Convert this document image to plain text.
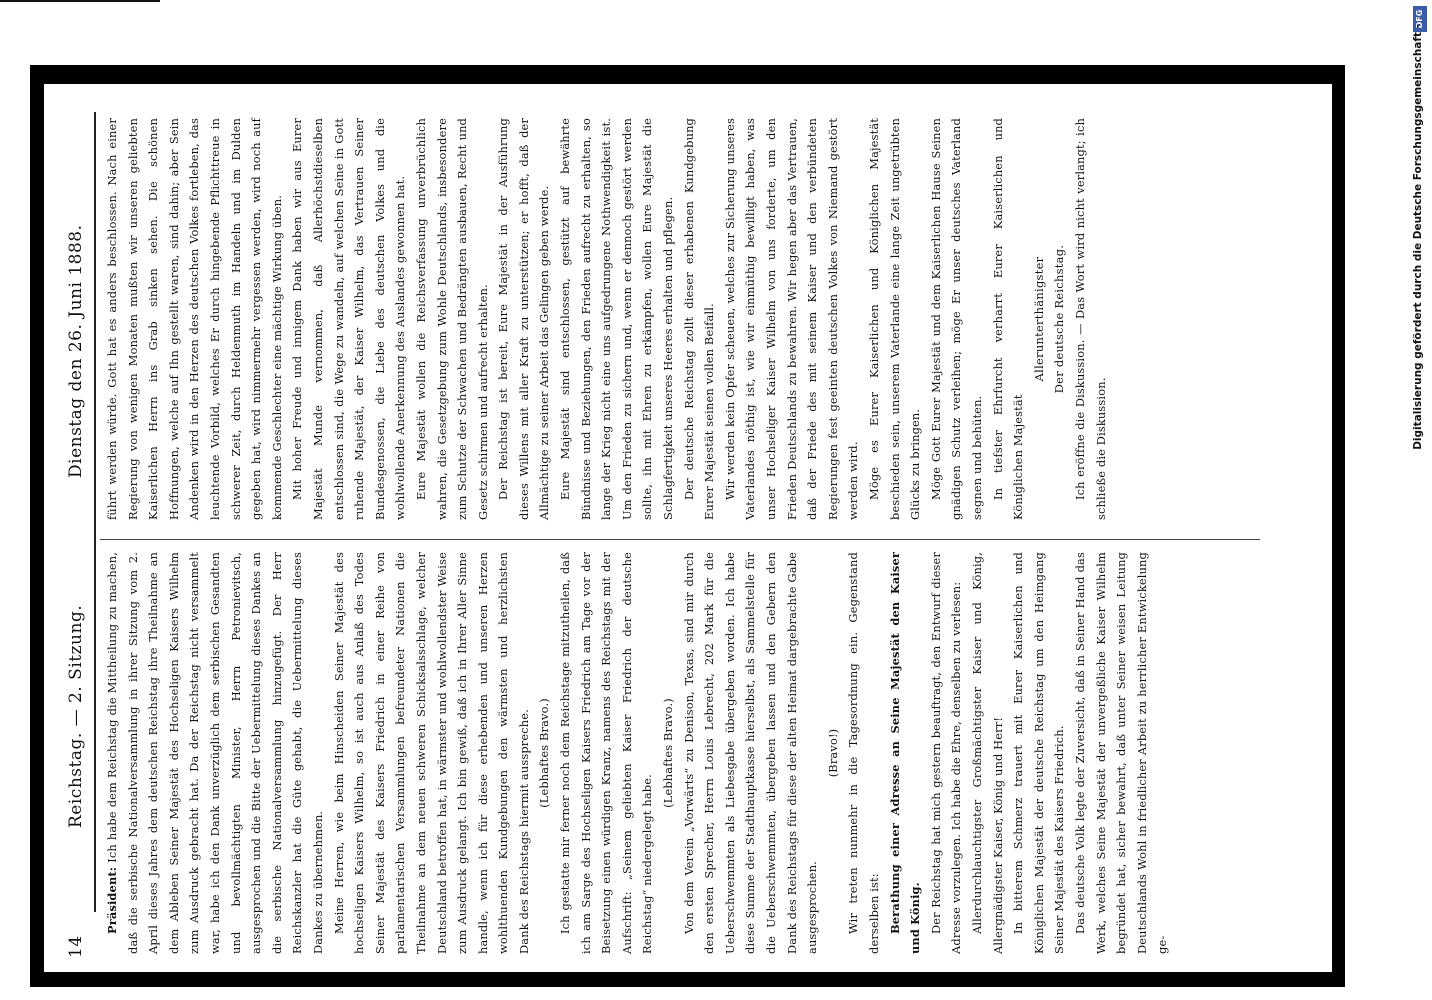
14
Reichstag. — 2. Sitzung.
Dienstag den 26. Juni 1888.

Präsident: Ich habe dem Reichstag die Mittheilung zu machen, daß die serbische Nationalversammlung in ihrer Sitzung vom 2. April dieses Jahres dem deutschen Reichstag ihre Theilnahme an dem Ableben Seiner Majestät des Hochseligen Kaisers Wilhelm zum Ausdruck gebracht hat. Da der Reichstag nicht versammelt war, habe ich den Dank unverzüglich dem serbischen Gesandten und bevollmächtigten Minister, Herrn Petronievitsch, ausgesprochen und die Bitte der Uebermittelung dieses Dankes an die serbische Nationalversammlung hinzugefügt. Der Herr Reichskanzler hat die Güte gehabt, die Uebermittelung dieses Dankes zu übernehmen. Meine Herren, wie beim Hinscheiden Seiner Majestät des hochseligen Kaisers Wilhelm, so ist auch aus Anlaß des Todes Seiner Majestät des Kaisers Friedrich in einer Reihe von parlamentarischen Versammlungen befreundeter Nationen die Theilnahme an dem neuen schweren Schicksalsschlage, welcher Deutschland betroffen hat, in wärmster und wohlwollendster Weise zum Ausdruck gelangt. Ich bin gewiß, daß ich in Ihrer Aller Sinne handle, wenn ich für diese erhebenden und unseren Herzen wohlthuenden Kundgebungen den wärmsten und herzlichsten Dank des Reichstags hiermit ausspreche. (Lebhaftes Bravo.) Ich gestatte mir ferner noch dem Reichstage mitzutheilen, daß ich am Sarge des Hochseligen Kaisers Friedrich am Tage vor der Beisetzung einen würdigen Kranz, namens des Reichstags mit der Aufschrift: „Seinem geliebten Kaiser Friedrich der deutsche Reichstag“ niedergelegt habe.

(Lebhaftes Bravo.) Von dem Verein „Vorwärts“ zu Denison, Texas, sind mir durch den ersten Sprecher, Herrn Louis Lebrecht, 202 Mark für die Ueberschwemmten als Liebesgabe übergeben worden. Ich habe diese Summe der Stadthauptkasse hierselbst, als Sammelstelle für die Ueberschwemmten, übergeben lassen und den Gebern den Dank des Reichstags für diese der alten Heimat dargebrachte Gabe ausgesprochen.

(Bravo!) Wir treten nunmehr in die Tagesordnung ein. Gegenstand derselben ist: Berathung einer Adresse an Seine Majestät den Kaiser und König. Der Reichstag hat mich gestern beauftragt, den Entwurf dieser Adresse vorzulegen. Ich habe die Ehre, denselben zu verlesen: Allerdurchlauchtigster Großmächtigster Kaiser und König, Allergnädigster Kaiser, König und Herr! In bitterem Schmerz trauert mit Eurer Kaiserlichen und Königlichen Majestät der deutsche Reichstag um den Heimgang Seiner Majestät des Kaisers Friedrich. Das deutsche Volk legte der Zuversicht, daß in Seiner Hand das Werk, welches Seine Majestät der unvergeßliche Kaiser Wilhelm begründet hat, sicher bewahrt, daß unter Seiner weisen Leitung Deutschlands Wohl in friedlicher Arbeit zu herrlicher Entwickelung ge-

führt werden würde. Gott hat es anders beschlossen. Nach einer Regierung von wenigen Monaten mußten wir unseren geliebten Kaiserlichen Herrn ins Grab sinken sehen. Die schönen Hoffnungen, welche auf Ihn gestellt waren, sind dahin; aber Sein Andenken wird in den Herzen des deutschen Volkes fortleben, das leuchtende Vorbild, welches Er durch hingebende Pflichttreue in schwerer Zeit, durch Heldenmuth im Handeln und im Dulden gegeben hat, wird nimmermehr vergessen werden, wird noch auf kommende Geschlechter eine mächtige Wirkung üben. Mit hoher Freude und innigem Dank haben wir aus Eurer Majestät Munde vernommen, daß Allerhöchstdieselben entschlossen sind, die Wege zu wandeln, auf welchen Seine in Gott ruhende Majestät, der Kaiser Wilhelm, das Vertrauen Seiner Bundesgenossen, die Liebe des deutschen Volkes und die wohlwollende Anerkennung des Auslandes gewonnen hat. Eure Majestät wollen die Reichsverfassung unverbrüchlich wahren, die Gesetzgebung zum Wohle Deutschlands, insbesondere zum Schutze der Schwachen und Bedrängten ausbauen, Recht und Gesetz schirmen und aufrecht erhalten. Der Reichstag ist bereit, Eure Majestät in der Ausführung dieses Willens mit aller Kraft zu unterstützen; er hofft, daß der Allmächtige zu seiner Arbeit das Gelingen geben werde. Eure Majestät sind entschlossen, gestützt auf bewährte Bündnisse und Beziehungen, den Frieden aufrecht zu erhalten, so lange der Krieg nicht eine uns aufgedrungene Nothwendigkeit ist. Um den Frieden zu sichern und, wenn er dennoch gestört werden sollte, ihn mit Ehren zu erkämpfen, wollen Eure Majestät die Schlagfertigkeit unseres Heeres erhalten und pflegen. Der deutsche Reichstag zollt dieser erhabenen Kundgebung Eurer Majestät seinen vollen Beifall. Wir werden kein Opfer scheuen, welches zur Sicherung unseres Vaterlandes nöthig ist, wie wir einmüthig bewilligt haben, was unser Hochseliger Kaiser Wilhelm von uns forderte, um den Frieden Deutschlands zu bewahren. Wir hegen aber das Vertrauen, daß der Friede des mit seinem Kaiser und den verbündeten Regierungen fest geeinten deutschen Volkes von Niemand gestört werden wird. Möge es Eurer Kaiserlichen und Königlichen Majestät beschieden sein, unserem Vaterlande eine lange Zeit ungetrübten Glücks zu bringen. Möge Gott Eurer Majestät und dem Kaiserlichen Hause Seinen gnädigen Schutz verleihen; möge Er unser deutsches Vaterland segnen und behüten. In tiefster Ehrfurcht verharrt Eurer Kaiserlichen und Königlichen Majestät

Allerunterthänigster Der deutsche Reichstag. Ich eröffne die Diskussion. — Das Wort wird nicht verlangt; ich schließe die Diskussion.

DFG
Digitalisierung gefördert durch die Deutsche Forschungsgemeinschaft -
